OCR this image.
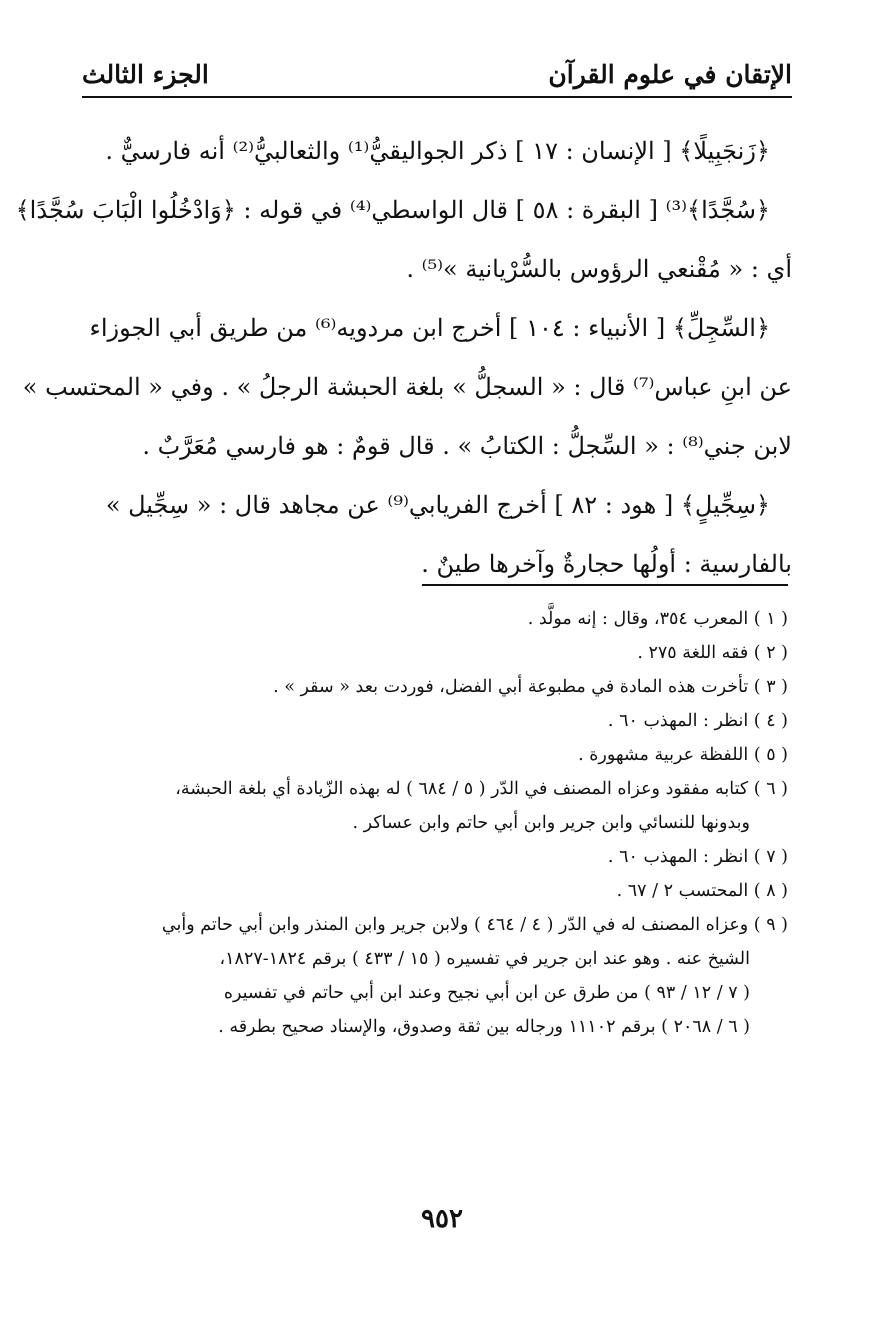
الإتقان في علوم القرآن
الجزء الثالث
﴿زَنجَبِيلًا﴾ [ الإنسان : ١٧ ] ذكر الجواليقيُّ⁽¹⁾ والثعالبيُّ⁽²⁾ أنه فارسيٌّ .
﴿سُجَّدًا﴾⁽³⁾ [ البقرة : ٥٨ ] قال الواسطي⁽⁴⁾ في قوله : ﴿وَادْخُلُوا الْبَابَ سُجَّدًا﴾
أي : « مُقْنعي الرؤوس بالسُّرْيانية »⁽⁵⁾ .
﴿السِّجِلِّ﴾ [ الأنبياء : ١٠٤ ] أخرج ابن مردويه⁽⁶⁾ من طريق أبي الجوزاء
عن ابنِ عباس⁽⁷⁾ قال : « السجلُّ » بلغة الحبشة الرجلُ » . وفي « المحتسب »
لابن جني⁽⁸⁾ : « السِّجلُّ : الكتابُ » . قال قومٌ : هو فارسي مُعَرَّبٌ .
﴿سِجِّيلٍ﴾ [ هود : ٨٢ ] أخرج الفريابي⁽⁹⁾ عن مجاهد قال : « سِجِّيل »
بالفارسية : أولُها حجارةٌ وآخرها طينٌ .
( ١ ) المعرب ٣٥٤، وقال : إنه مولَّد .
( ٢ ) فقه اللغة ٢٧٥ .
( ٣ ) تأخرت هذه المادة في مطبوعة أبي الفضل، فوردت بعد « سقر » .
( ٤ ) انظر : المهذب ٦٠ .
( ٥ ) اللفظة عربية مشهورة .
( ٦ ) كتابه مفقود وعزاه المصنف في الدّر ( ٥ / ٦٨٤ ) له بهذه الزّيادة أي بلغة الحبشة،
وبدونها للنسائي وابن جرير وابن أبي حاتم وابن عساكر .
( ٧ ) انظر : المهذب ٦٠ .
( ٨ ) المحتسب ٢ / ٦٧ .
( ٩ ) وعزاه المصنف له في الدّر ( ٤ / ٤٦٤ ) ولابن جرير وابن المنذر وابن أبي حاتم وأبي
الشيخ عنه . وهو عند ابن جرير في تفسيره ( ١٥ / ٤٣٣ ) برقم ١٨٢٤-١٨٢٧،
( ٧ / ١٢ / ٩٣ ) من طرق عن ابن أبي نجيح وعند ابن أبي حاتم في تفسيره
( ٦ / ٢٠٦٨ ) برقم ١١١٠٢ ورجاله بين ثقة وصدوق، والإسناد صحيح بطرقه .
٩٥٢
